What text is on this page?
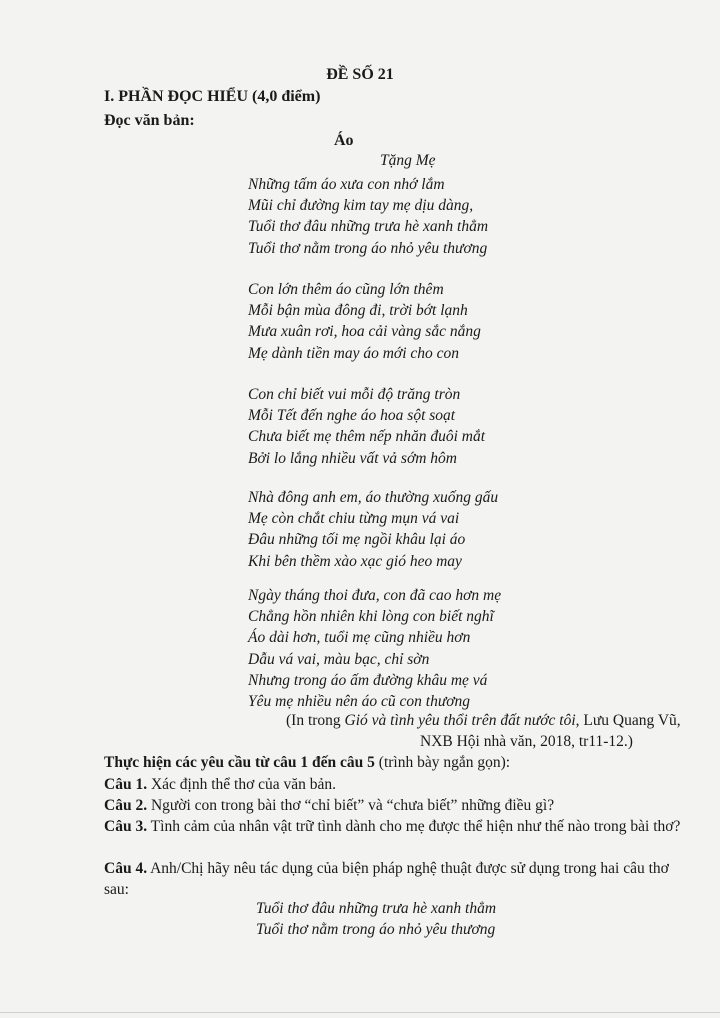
ĐỀ SỐ 21
I. PHẦN ĐỌC HIỂU (4,0 điểm)
Đọc văn bản:
Áo
Tặng Mẹ
Những tấm áo xưa con nhớ lắm
Mũi chỉ đường kim tay mẹ dịu dàng,
Tuổi thơ đâu những trưa hè xanh thẳm
Tuổi thơ nằm trong áo nhỏ yêu thương
Con lớn thêm áo cũng lớn thêm
Mỗi bận mùa đông đi, trời bớt lạnh
Mưa xuân rơi, hoa cải vàng sắc nắng
Mẹ dành tiền may áo mới cho con
Con chỉ biết vui mỗi độ trăng tròn
Mỗi Tết đến nghe áo hoa sột soạt
Chưa biết mẹ thêm nếp nhăn đuôi mắt
Bởi lo lắng nhiều vất vả sớm hôm
Nhà đông anh em, áo thường xuống gấu
Mẹ còn chắt chiu từng mụn vá vai
Đâu những tối mẹ ngồi khâu lại áo
Khi bên thềm xào xạc gió heo may
Ngày tháng thoi đưa, con đã cao hơn mẹ
Chẳng hồn nhiên khi lòng con biết nghĩ
Áo dài hơn, tuổi mẹ cũng nhiều hơn
Dẫu vá vai, màu bạc, chỉ sờn
Nhưng trong áo ấm đường khâu mẹ vá
Yêu mẹ nhiều nên áo cũ con thương
(In trong Gió và tình yêu thổi trên đất nước tôi, Lưu Quang Vũ,
NXB Hội nhà văn, 2018, tr11-12.)
Thực hiện các yêu cầu từ câu 1 đến câu 5 (trình bày ngắn gọn):
Câu 1. Xác định thể thơ của văn bản.
Câu 2. Người con trong bài thơ “chỉ biết” và “chưa biết” những điều gì?
Câu 3. Tình cảm của nhân vật trữ tình dành cho mẹ được thể hiện như thế nào trong bài thơ?
Câu 4. Anh/Chị hãy nêu tác dụng của biện pháp nghệ thuật được sử dụng trong hai câu thơ sau:
Tuổi thơ đâu những trưa hè xanh thẳm
Tuổi thơ nằm trong áo nhỏ yêu thương
